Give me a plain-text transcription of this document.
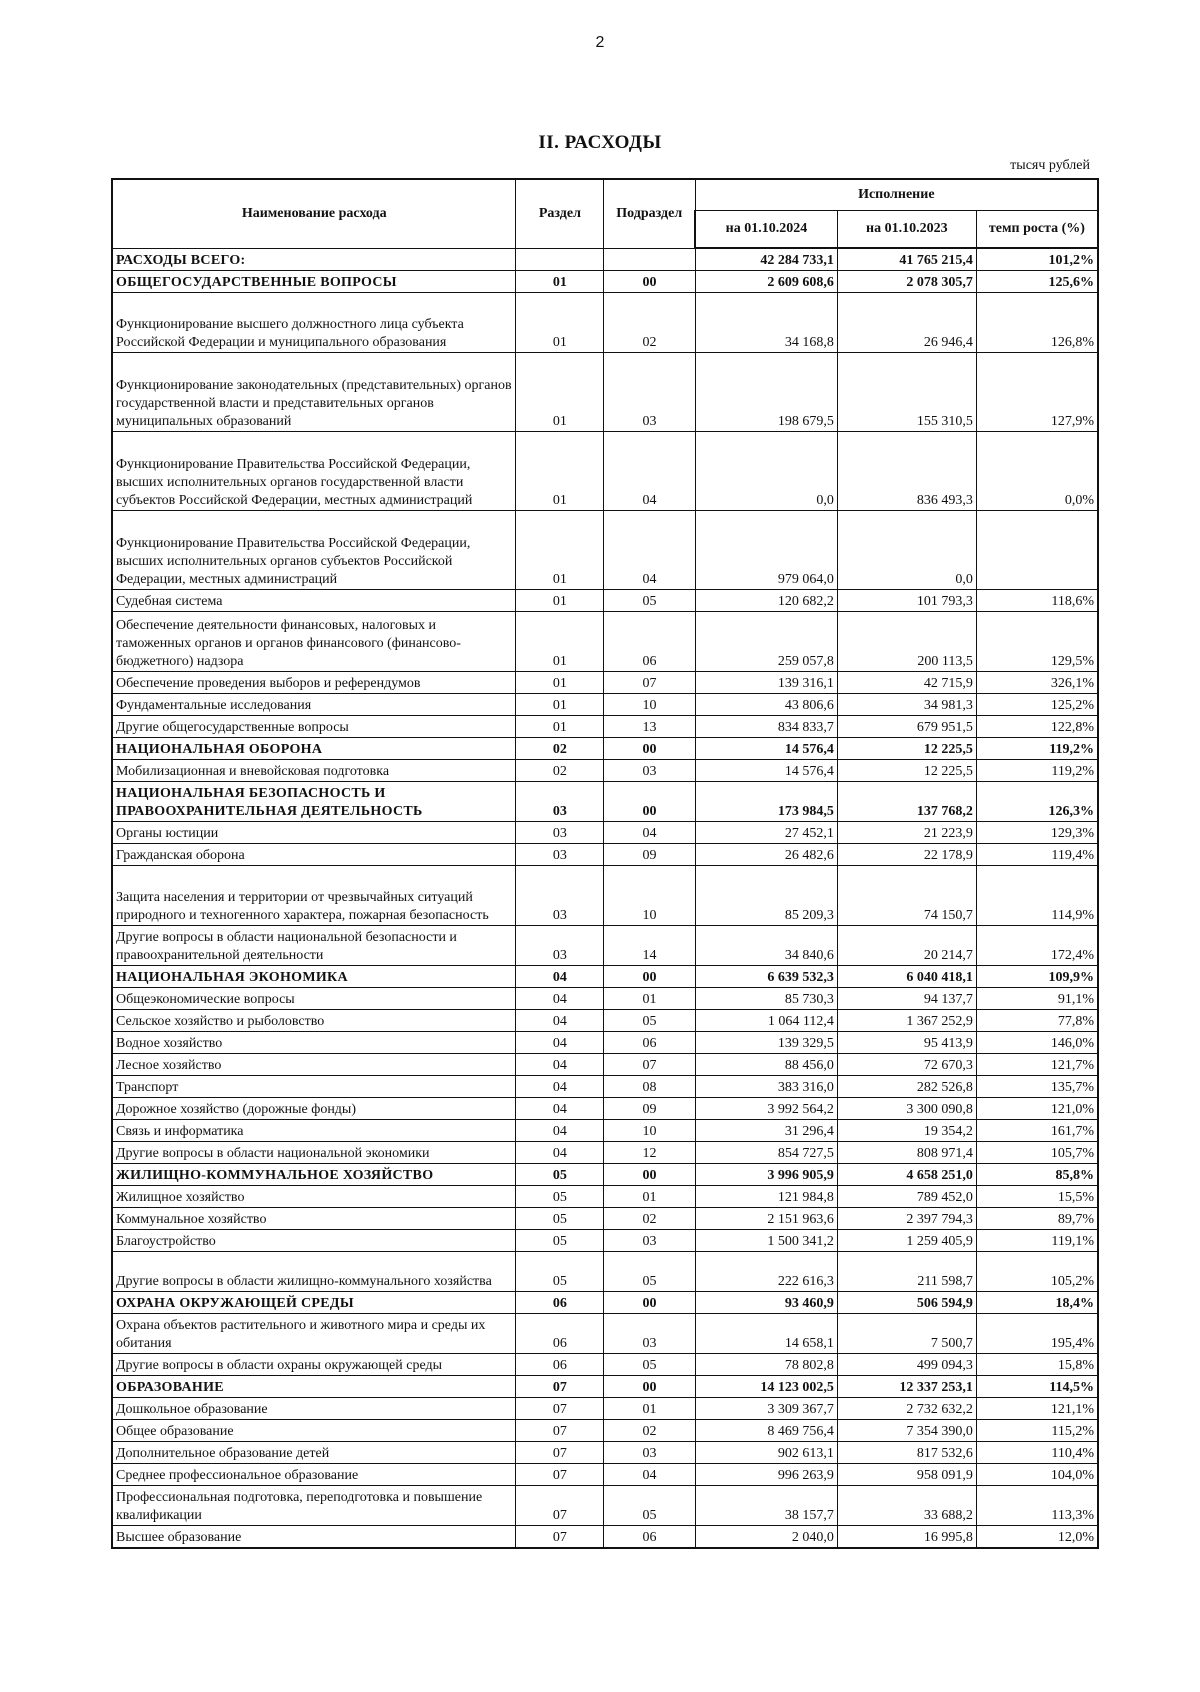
2
II. РАСХОДЫ
тысяч рублей
Наименование расхода	Раздел	Подраздел	Исполнение		
			на 01.10.2024	на 01.10.2023	темп роста (%)
РАСХОДЫ ВСЕГО:			42 284 733,1	41 765 215,4	101,2%
ОБЩЕГОСУДАРСТВЕННЫЕ ВОПРОСЫ	01	00	2 609 608,6	2 078 305,7	125,6%
Функционирование высшего должностного лица субъекта Российской Федерации и муниципального образования	01	02	34 168,8	26 946,4	126,8%
Функционирование законодательных (представительных) органов государственной власти и представительных органов муниципальных образований	01	03	198 679,5	155 310,5	127,9%
Функционирование Правительства Российской Федерации, высших исполнительных органов государственной власти субъектов Российской Федерации, местных администраций	01	04	0,0	836 493,3	0,0%
Функционирование Правительства Российской Федерации, высших исполнительных органов субъектов Российской Федерации, местных администраций	01	04	979 064,0	0,0	
Судебная система	01	05	120 682,2	101 793,3	118,6%
Обеспечение деятельности финансовых, налоговых и таможенных органов и органов финансового (финансово-бюджетного) надзора	01	06	259 057,8	200 113,5	129,5%
Обеспечение проведения выборов и референдумов	01	07	139 316,1	42 715,9	326,1%
Фундаментальные исследования	01	10	43 806,6	34 981,3	125,2%
Другие общегосударственные вопросы	01	13	834 833,7	679 951,5	122,8%
НАЦИОНАЛЬНАЯ ОБОРОНА	02	00	14 576,4	12 225,5	119,2%
Мобилизационная и вневойсковая подготовка	02	03	14 576,4	12 225,5	119,2%
НАЦИОНАЛЬНАЯ БЕЗОПАСНОСТЬ И ПРАВООХРАНИТЕЛЬНАЯ ДЕЯТЕЛЬНОСТЬ	03	00	173 984,5	137 768,2	126,3%
Органы юстиции	03	04	27 452,1	21 223,9	129,3%
Гражданская оборона	03	09	26 482,6	22 178,9	119,4%
Защита населения и территории от чрезвычайных ситуаций природного и техногенного характера, пожарная безопасность	03	10	85 209,3	74 150,7	114,9%
Другие вопросы в области национальной безопасности и правоохранительной деятельности	03	14	34 840,6	20 214,7	172,4%
НАЦИОНАЛЬНАЯ ЭКОНОМИКА	04	00	6 639 532,3	6 040 418,1	109,9%
Общеэкономические вопросы	04	01	85 730,3	94 137,7	91,1%
Сельское хозяйство и рыболовство	04	05	1 064 112,4	1 367 252,9	77,8%
Водное хозяйство	04	06	139 329,5	95 413,9	146,0%
Лесное хозяйство	04	07	88 456,0	72 670,3	121,7%
Транспорт	04	08	383 316,0	282 526,8	135,7%
Дорожное хозяйство (дорожные фонды)	04	09	3 992 564,2	3 300 090,8	121,0%
Связь и информатика	04	10	31 296,4	19 354,2	161,7%
Другие вопросы в области национальной экономики	04	12	854 727,5	808 971,4	105,7%
ЖИЛИЩНО-КОММУНАЛЬНОЕ ХОЗЯЙСТВО	05	00	3 996 905,9	4 658 251,0	85,8%
Жилищное хозяйство	05	01	121 984,8	789 452,0	15,5%
Коммунальное хозяйство	05	02	2 151 963,6	2 397 794,3	89,7%
Благоустройство	05	03	1 500 341,2	1 259 405,9	119,1%
Другие вопросы в области жилищно-коммунального хозяйства	05	05	222 616,3	211 598,7	105,2%
ОХРАНА ОКРУЖАЮЩЕЙ СРЕДЫ	06	00	93 460,9	506 594,9	18,4%
Охрана объектов растительного и животного мира и среды их обитания	06	03	14 658,1	7 500,7	195,4%
Другие вопросы в области охраны окружающей среды	06	05	78 802,8	499 094,3	15,8%
ОБРАЗОВАНИЕ	07	00	14 123 002,5	12 337 253,1	114,5%
Дошкольное образование	07	01	3 309 367,7	2 732 632,2	121,1%
Общее образование	07	02	8 469 756,4	7 354 390,0	115,2%
Дополнительное образование детей	07	03	902 613,1	817 532,6	110,4%
Среднее профессиональное образование	07	04	996 263,9	958 091,9	104,0%
Профессиональная подготовка, переподготовка и повышение квалификации	07	05	38 157,7	33 688,2	113,3%
Высшее образование	07	06	2 040,0	16 995,8	12,0%
